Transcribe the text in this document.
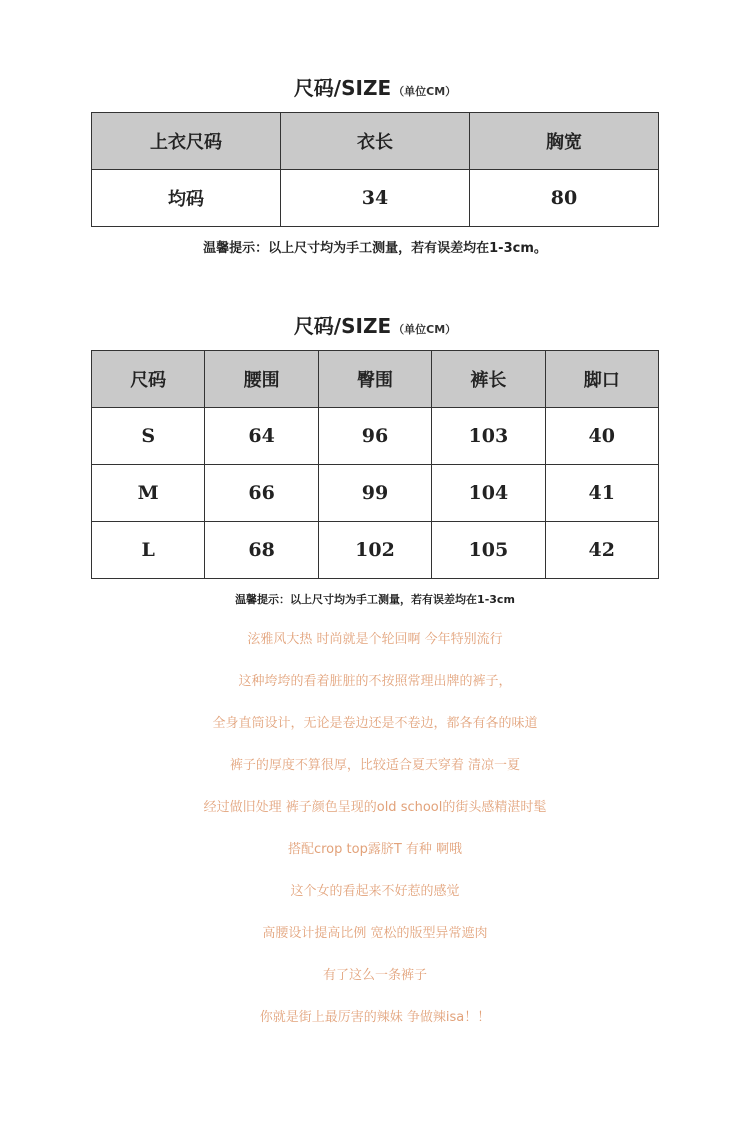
尺码/SIZE （单位CM）
上衣尺码	衣长	胸宽
均码	34	80
温馨提示：以上尺寸均为手工测量，若有误差均在1-3cm。
尺码/SIZE （单位CM）
尺码	腰围	臀围	裤长	脚口
S	64	96	103	40
M	66	99	104	41
L	68	102	105	42
温馨提示：以上尺寸均为手工测量，若有误差均在1-3cm
泫雅风大热 时尚就是个轮回啊 今年特别流行
这种垮垮的看着脏脏的不按照常理出牌的裤子，
全身直筒设计，无论是卷边还是不卷边，都各有各的味道
裤子的厚度不算很厚，比较适合夏天穿着 清凉一夏
经过做旧处理 裤子颜色呈现的old school的街头感精湛时髦
搭配crop top露脐T 有种 啊哦
这个女的看起来不好惹的感觉
高腰设计提高比例 宽松的版型异常遮肉
有了这么一条裤子
你就是街上最厉害的辣妹 争做辣isa！！
